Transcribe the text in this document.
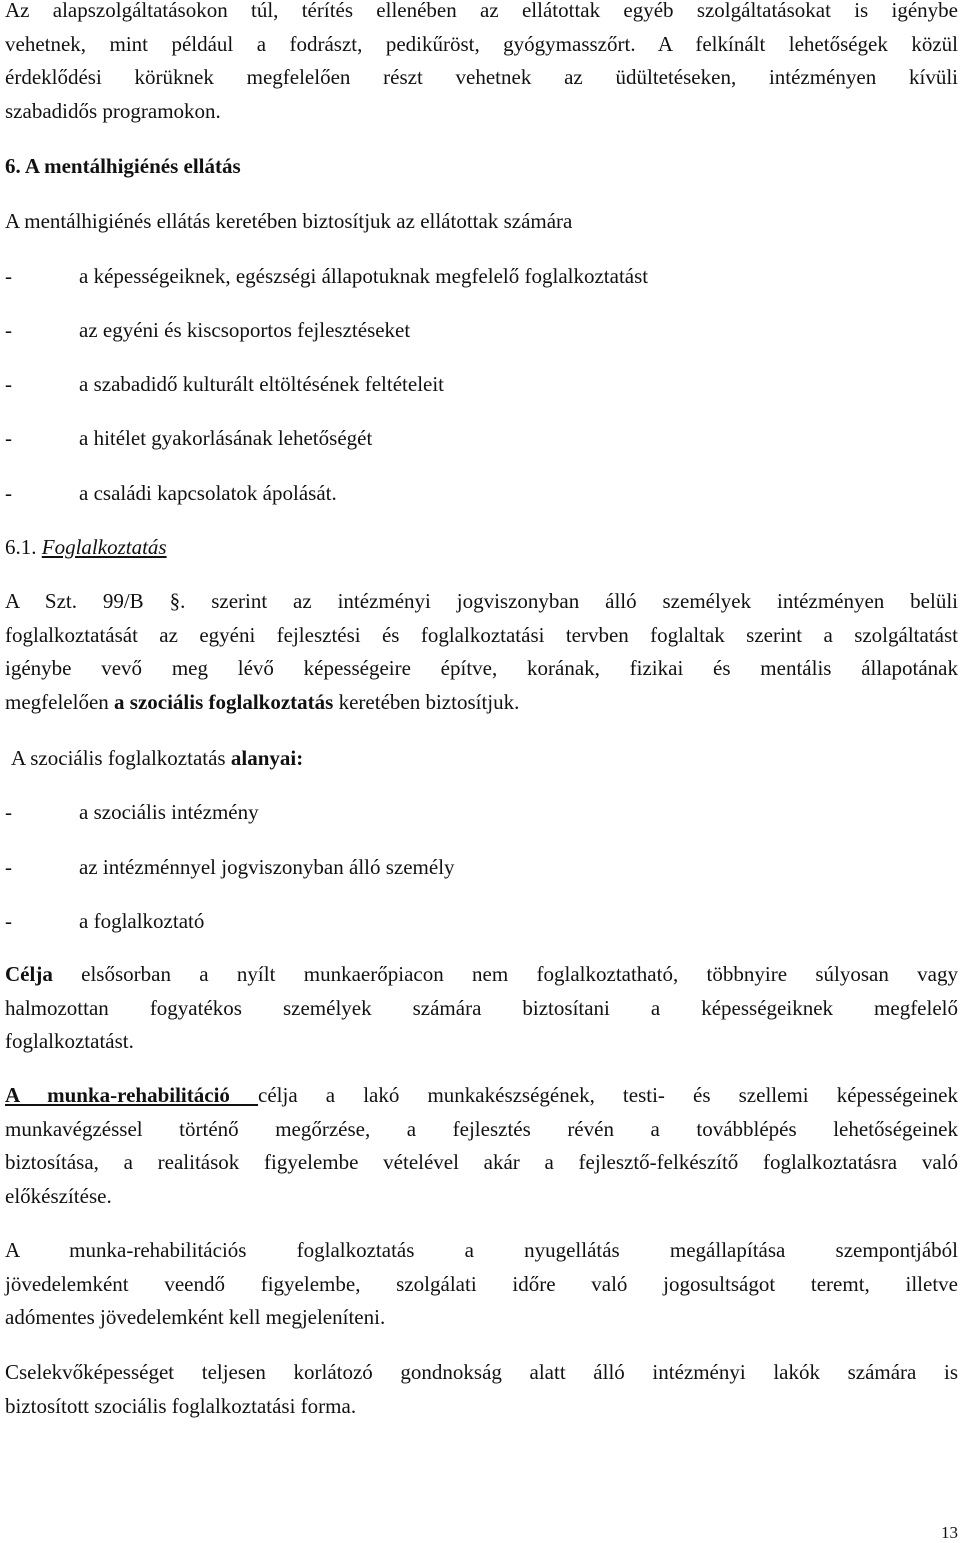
Az alapszolgáltatásokon túl, térítés ellenében az ellátottak egyéb szolgáltatásokat is igénybe
vehetnek, mint például a fodrászt, pedikűröst, gyógymasszőrt. A felkínált lehetőségek közül
érdeklődési körüknek megfelelően részt vehetnek az üdültetéseken, intézményen kívüli
szabadidős programokon.
6. A mentálhigiénés ellátás
A mentálhigiénés ellátás keretében biztosítjuk az ellátottak számára
-	a képességeiknek, egészségi állapotuknak megfelelő foglalkoztatást
-	az egyéni és kiscsoportos fejlesztéseket
-	a szabadidő kulturált eltöltésének feltételeit
-	a hitélet gyakorlásának lehetőségét
-	a családi kapcsolatok ápolását.
6.1. Foglalkoztatás
A Szt. 99/B §. szerint az intézményi jogviszonyban álló személyek intézményen belüli
foglalkoztatását az egyéni fejlesztési és foglalkoztatási tervben foglaltak szerint a szolgáltatást
igénybe vevő meg lévő képességeire építve, korának, fizikai és mentális állapotának
megfelelően a szociális foglalkoztatás keretében biztosítjuk.
A szociális foglalkoztatás alanyai:
-	a szociális intézmény
-	az intézménnyel jogviszonyban álló személy
-	a foglalkoztató
Célja elsősorban a nyílt munkaerőpiacon nem foglalkoztatható, többnyire súlyosan vagy
halmozottan fogyatékos személyek számára biztosítani a képességeiknek megfelelő
foglalkoztatást.
A munka-rehabilitáció célja a lakó munkakészségének, testi- és szellemi képességeinek
munkavégzéssel történő megőrzése, a fejlesztés révén a továbblépés lehetőségeinek
biztosítása, a realitások figyelembe vételével akár a fejlesztő-felkészítő foglalkoztatásra való
előkészítése.
A munka-rehabilitációs foglalkoztatás a nyugellátás megállapítása szempontjából
jövedelemként veendő figyelembe, szolgálati időre való jogosultságot teremt, illetve
adómentes jövedelemként kell megjeleníteni.
Cselekvőképességet teljesen korlátozó gondnokság alatt álló intézményi lakók számára is
biztosított szociális foglalkoztatási forma.
13
